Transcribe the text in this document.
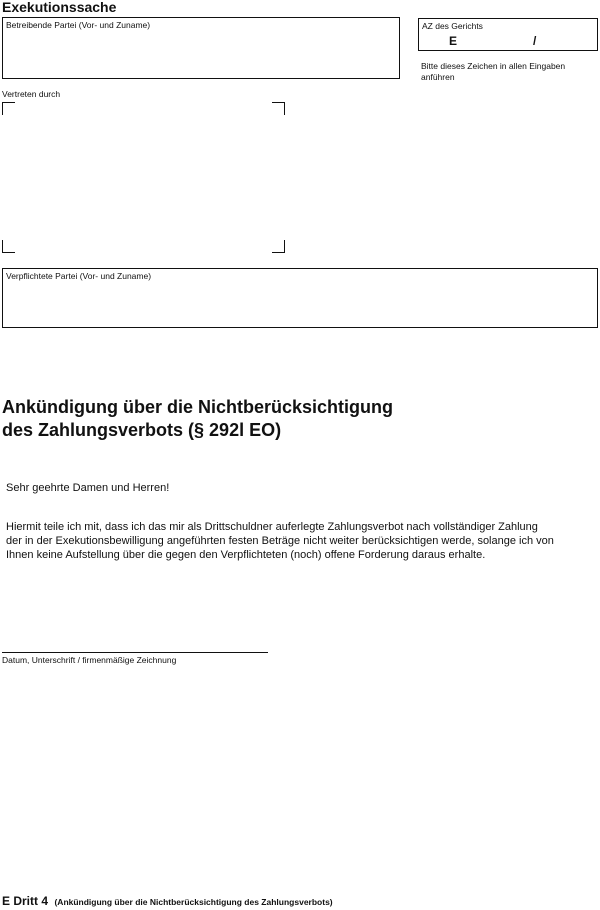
Exekutionssache
Betreibende Partei (Vor- und Zuname)	AZ des Gerichts
E	/
Bitte dieses Zeichen in allen Eingaben anführen
Vertreten durch
Verpflichtete Partei (Vor- und Zuname)
Ankündigung über die Nichtberücksichtigung
des Zahlungsverbots (§ 292l EO)
Sehr geehrte Damen und Herren!
Hiermit teile ich mit, dass ich das mir als Drittschuldner auferlegte Zahlungsverbot nach vollständiger Zahlung
der in der Exekutionsbewilligung angeführten festen Beträge nicht weiter berücksichtigen werde, solange ich von
Ihnen keine Aufstellung über die gegen den Verpflichteten (noch) offene Forderung daraus erhalte.
Datum, Unterschrift / firmenmäßige Zeichnung
E Dritt 4 (Ankündigung über die Nichtberücksichtigung des Zahlungsverbots)
